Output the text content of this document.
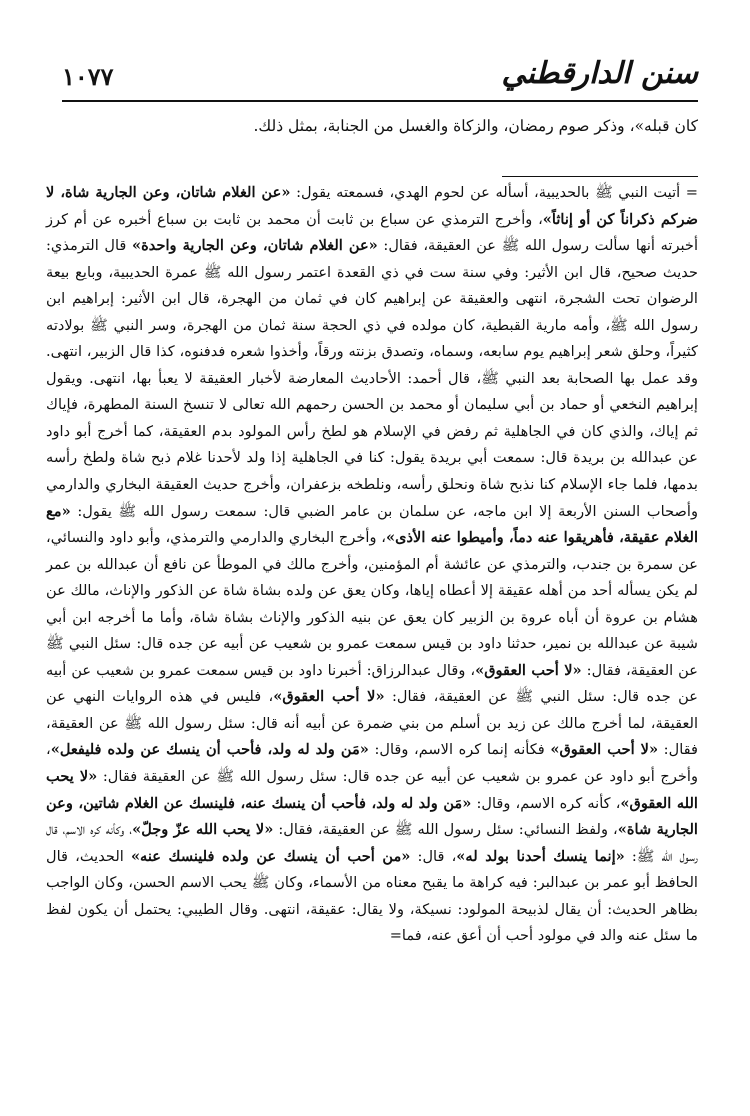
١٠٧٧	سنن الدارقطني
كان قبله»، وذكر صوم رمضان، والزكاة والغسل من الجنابة، بمثل ذلك.

= أتيت النبي ﷺ بالحديبية، أسأله عن لحوم الهدي، فسمعته يقول: «عن الغلام شاتان، وعن الجارية شاة، لا ضركم ذكراناً كن أو إناثاً»، وأخرج الترمذي عن سباع بن ثابت أن محمد بن ثابت بن سباع أخبره عن أم كرز أخبرته أنها سألت رسول الله ﷺ عن العقيقة، فقال: «عن الغلام شاتان، وعن الجارية واحدة» قال الترمذي: حديث صحيح، قال ابن الأثير: وفي سنة ست في ذي القعدة اعتمر رسول الله ﷺ عمرة الحديبية، وبايع بيعة الرضوان تحت الشجرة، انتهى والعقيقة عن إبراهيم كان في ثمان من الهجرة، قال ابن الأثير: إبراهيم ابن رسول الله ﷺ، وأمه مارية القبطية، كان مولده في ذي الحجة سنة ثمان من الهجرة، وسر النبي ﷺ بولادته كثيراً، وحلق شعر إبراهيم يوم سابعه، وسماه، وتصدق بزنته ورقاً، وأخذوا شعره فدفنوه، كذا قال الزبير، انتهى. وقد عمل بها الصحابة بعد النبي ﷺ، قال أحمد: الأحاديث المعارضة لأخبار العقيقة لا يعبأ بها، انتهى. ويقول إبراهيم النخعي أو حماد بن أبي سليمان أو محمد بن الحسن رحمهم الله تعالى لا تنسخ السنة المطهرة، فإياك ثم إياك، والذي كان في الجاهلية ثم رفض في الإسلام هو لطخ رأس المولود بدم العقيقة، كما أخرج أبو داود عن عبدالله بن بريدة قال: سمعت أبي بريدة يقول: كنا في الجاهلية إذا ولد لأحدنا غلام ذبح شاة ولطخ رأسه بدمها، فلما جاء الإسلام كنا نذبح شاة ونحلق رأسه، ونلطخه بزعفران، وأخرج حديث العقيقة البخاري والدارمي وأصحاب السنن الأربعة إلا ابن ماجه، عن سلمان بن عامر الضبي قال: سمعت رسول الله ﷺ يقول: «مع الغلام عقيقة، فأهريقوا عنه دماً، وأميطوا عنه الأذى»، وأخرج البخاري والدارمي والترمذي، وأبو داود والنسائي، عن سمرة بن جندب، والترمذي عن عائشة أم المؤمنين، وأخرج مالك في الموطأ عن نافع أن عبدالله بن عمر لم يكن يسأله أحد من أهله عقيقة إلا أعطاه إياها، وكان يعق عن ولده بشاة شاة عن الذكور والإناث، مالك عن هشام بن عروة أن أباه عروة بن الزبير كان يعق عن بنيه الذكور والإناث بشاة شاة، وأما ما أخرجه ابن أبي شيبة عن عبدالله بن نمير، حدثنا داود بن قيس سمعت عمرو بن شعيب عن أبيه عن جده قال: سئل النبي ﷺ عن العقيقة، فقال: «لا أحب العقوق»، وقال عبدالرزاق: أخبرنا داود بن قيس سمعت عمرو بن شعيب عن أبيه عن جده قال: سئل النبي ﷺ عن العقيقة، فقال: «لا أحب العقوق»، فليس في هذه الروايات النهي عن العقيقة، لما أخرج مالك عن زيد بن أسلم من بني ضمرة عن أبيه أنه قال: سئل رسول الله ﷺ عن العقيقة، فقال: «لا أحب العقوق» فكأنه إنما كره الاسم، وقال: «مَن ولد له ولد، فأحب أن ينسك عن ولده فليفعل»، وأخرج أبو داود عن عمرو بن شعيب عن أبيه عن جده قال: سئل رسول الله ﷺ عن العقيقة فقال: «لا يحب الله العقوق»، كأنه كره الاسم، وقال: «مَن ولد له ولد، فأحب أن ينسك عنه، فلينسك عن الغلام شاتين، وعن الجارية شاة»، ولفظ النسائي: سئل رسول الله ﷺ عن العقيقة، فقال: «لا يحب الله عزّ وجلّ»، وكأنه كره الاسم، قال رسول الله ﷺ: «إنما ينسك أحدنا بولد له»، قال: «من أحب أن ينسك عن ولده فلينسك عنه» الحديث، قال الحافظ أبو عمر بن عبدالبر: فيه كراهة ما يقبح معناه من الأسماء، وكان ﷺ يحب الاسم الحسن، وكان الواجب بظاهر الحديث: أن يقال لذبيحة المولود: نسيكة، ولا يقال: عقيقة، انتهى. وقال الطيبي: يحتمل أن يكون لفظ ما سئل عنه والد في مولود أحب أن أعق عنه، فما=
